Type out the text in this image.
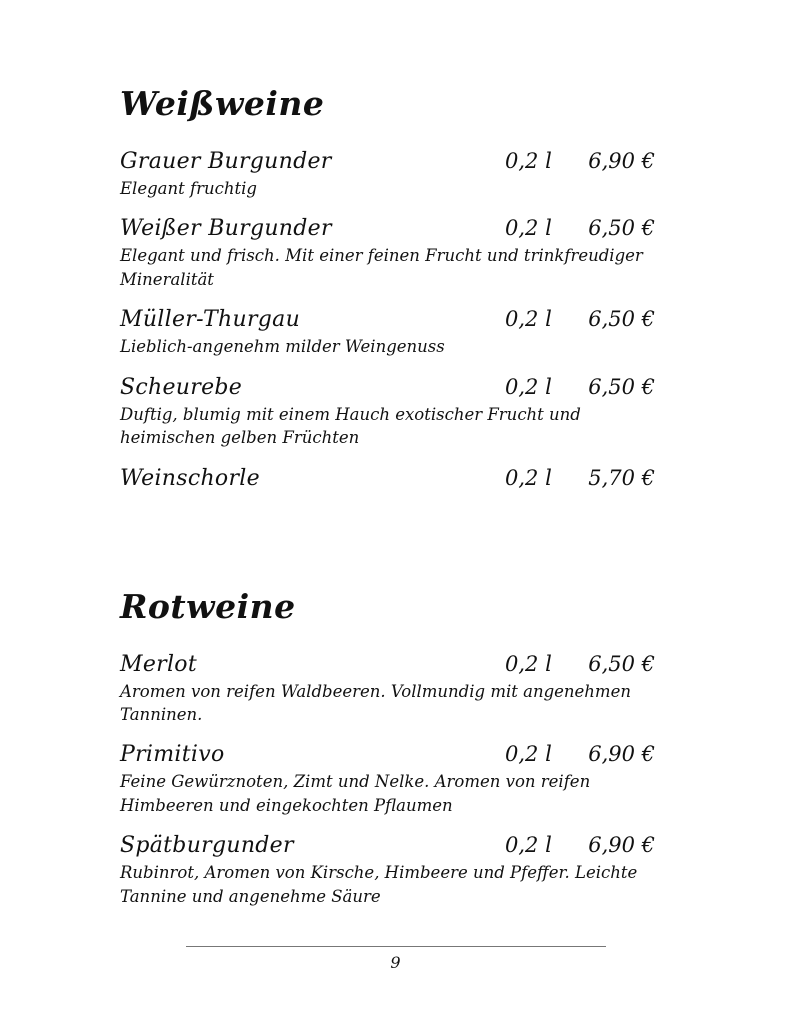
Weißweine
Grauer Burgunder	0,2 l	6,90 €
Elegant fruchtig
Weißer Burgunder	0,2 l	6,50 €
Elegant und frisch. Mit einer feinen Frucht und trinkfreudiger Mineralität
Müller-Thurgau	0,2 l	6,50 €
Lieblich-angenehm milder Weingenuss
Scheurebe	0,2 l	6,50 €
Duftig, blumig mit einem Hauch exotischer Frucht und heimischen gelben Früchten
Weinschorle	0,2 l	5,70 €
Rotweine
Merlot	0,2 l	6,50 €
Aromen von reifen Waldbeeren. Vollmundig mit angenehmen Tanninen.
Primitivo	0,2 l	6,90 €
Feine Gewürznoten, Zimt und Nelke. Aromen von reifen Himbeeren und eingekochten Pflaumen
Spätburgunder	0,2 l	6,90 €
Rubinrot, Aromen von Kirsche, Himbeere und Pfeffer. Leichte Tannine und angenehme Säure
9
